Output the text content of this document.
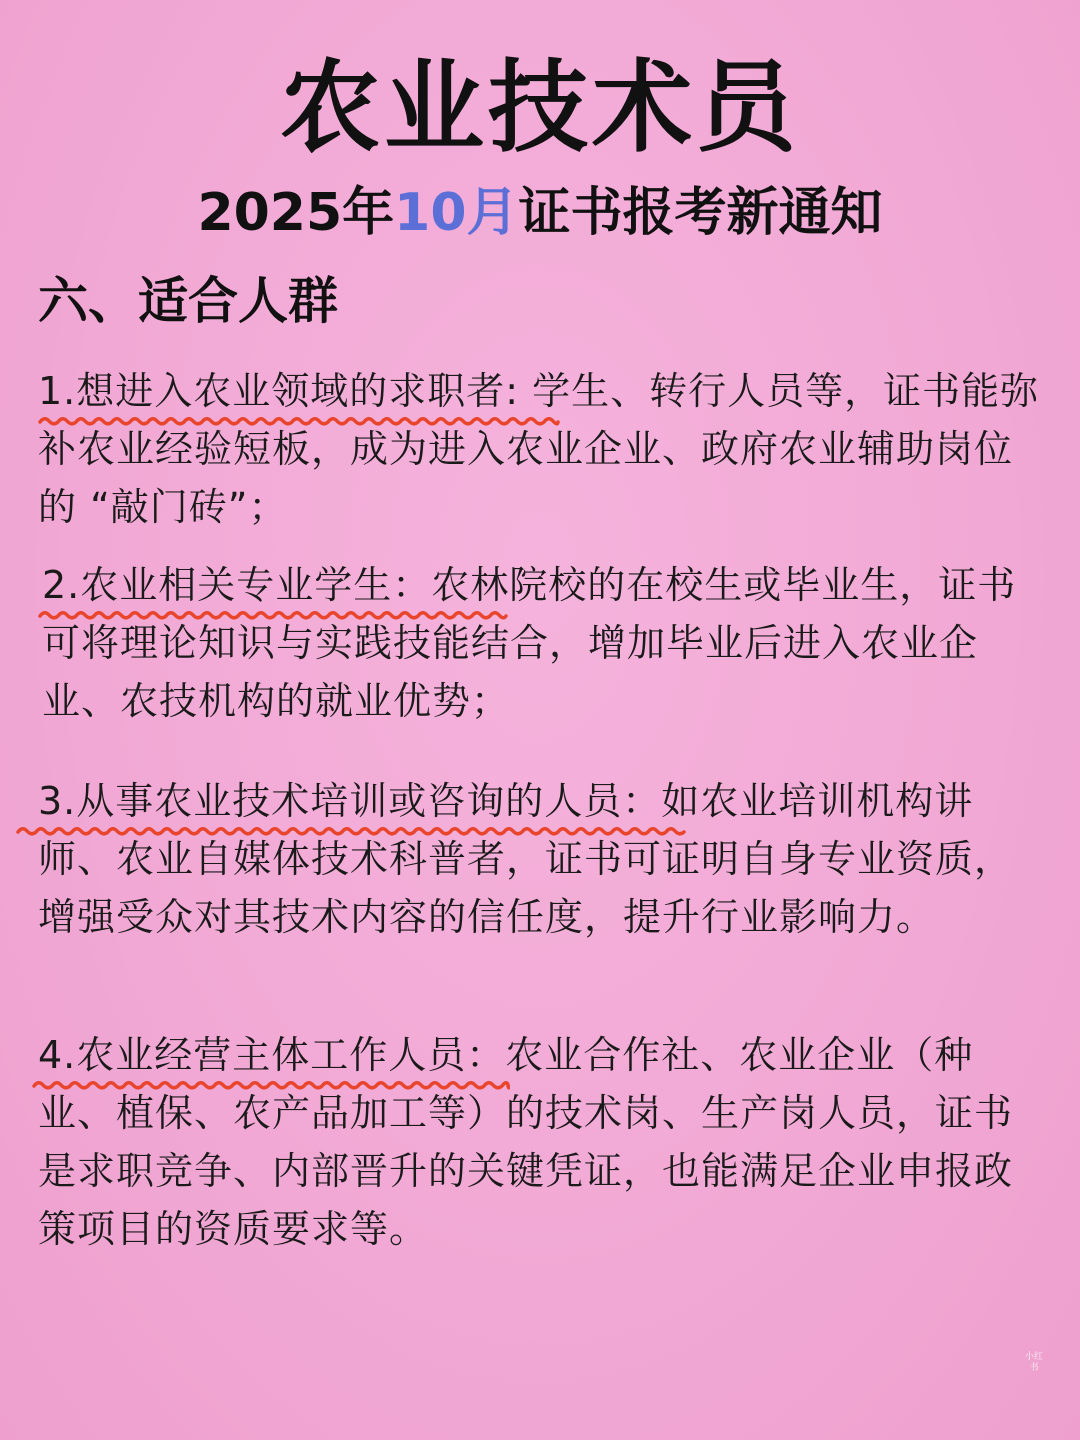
农业技术员
2025年10月证书报考新通知
六、适合人群
1.想进入农业领域的求职者:
学生、转行人员等，证书能弥补农业经验短板，成为进入农业企业、政府农业辅助岗位的 “敲门砖”；
2.农业相关专业学生：
农林院校的在校生或毕业生，证书可将理论知识与实践技能结合，增加毕业后进入农业企业、农技机构的就业优势；
3.从事农业技术培训或咨询的人员：
如农业培训机构讲师、农业自媒体技术科普者，证书可证明自身专业资质，增强受众对其技术内容的信任度，提升行业影响力。
4.农业经营主体工作人员：
农业合作社、农业企业（种业、植保、农产品加工等）的技术岗、生产岗人员，证书是求职竞争、内部晋升的关键凭证，也能满足企业申报政策项目的资质要求等。
小红书
